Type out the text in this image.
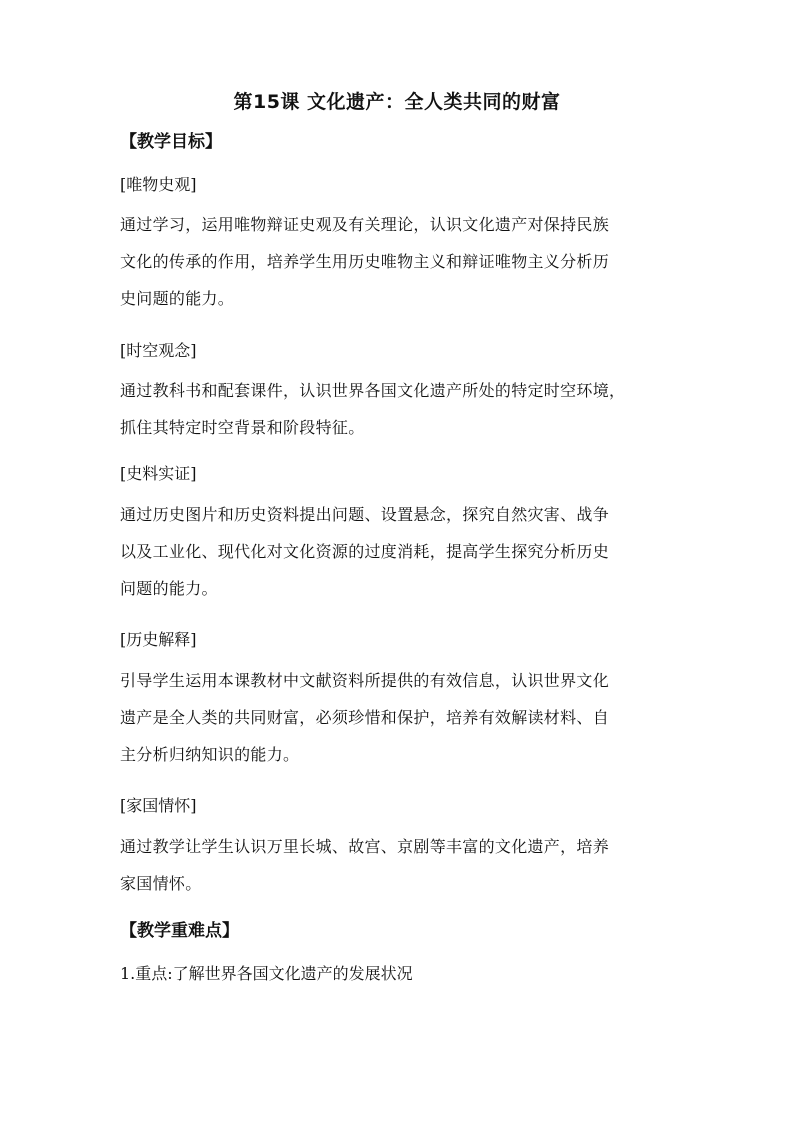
第15课 文化遗产：全人类共同的财富
【教学目标】
[唯物史观]
通过学习，运用唯物辩证史观及有关理论，认识文化遗产对保持民族
文化的传承的作用，培养学生用历史唯物主义和辩证唯物主义分析历
史问题的能力。
[时空观念]
通过教科书和配套课件，认识世界各国文化遗产所处的特定时空环境，
抓住其特定时空背景和阶段特征。
[史料实证]
通过历史图片和历史资料提出问题、设置悬念，探究自然灾害、战争
以及工业化、现代化对文化资源的过度消耗，提高学生探究分析历史
问题的能力。
[历史解释]
引导学生运用本课教材中文献资料所提供的有效信息，认识世界文化
遗产是全人类的共同财富，必须珍惜和保护，培养有效解读材料、自
主分析归纳知识的能力。
[家国情怀]
通过教学让学生认识万里长城、故宫、京剧等丰富的文化遗产，培养
家国情怀。
【教学重难点】
1.重点:了解世界各国文化遗产的发展状况
